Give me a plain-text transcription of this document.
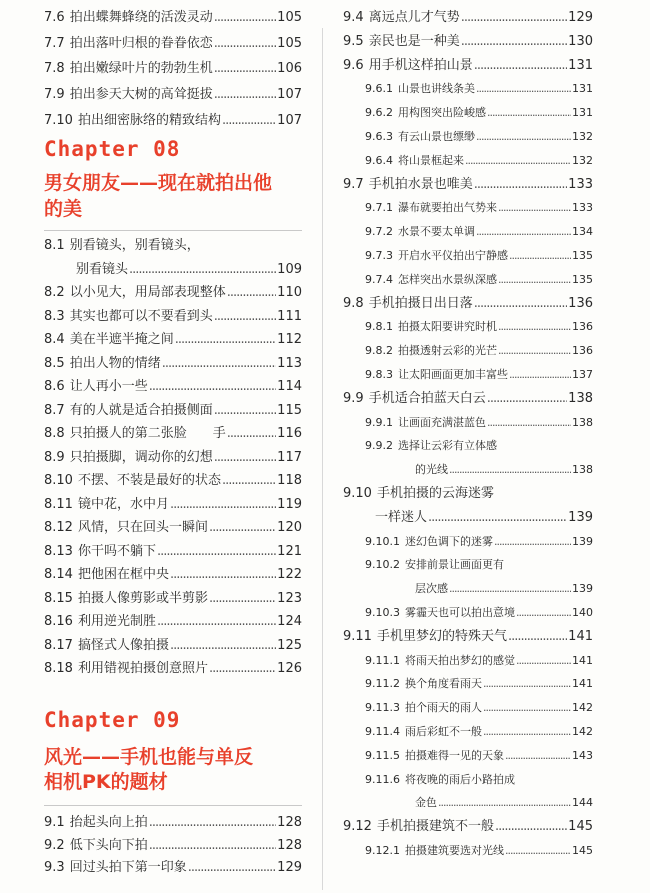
7.6 拍出蝶舞蜂绕的活泼灵动 .....	105
7.7 拍出落叶归根的眷眷依恋 .....	105
7.8 拍出嫩绿叶片的勃勃生机 .....	106
7.9 拍出参天大树的高耸挺拔 .....	107
7.10 拍出细密脉络的精致结构 .....	107
Chapter 08
男女朋友——现在就拍出他
的美
8.1 别看镜头，别看镜头，
别看镜头 .....	109
8.2 以小见大，用局部表现整体 .....	110
8.3 其实也都可以不要看到头 .....	111
8.4 美在半遮半掩之间 .....	112
8.5 拍出人物的情绪 .....	113
8.6 让人再小一些 .....	114
8.7 有的人就是适合拍摄侧面 .....	115
8.8 只拍摄人的第二张脸　　手 .....	116
8.9 只拍摄脚，调动你的幻想 .....	117
8.10 不摆、不装是最好的状态 .....	118
8.11 镜中花，水中月 .....	119
8.12 风情，只在回头一瞬间 .....	120
8.13 你干吗不躺下 .....	121
8.14 把他困在框中央 .....	122
8.15 拍摄人像剪影或半剪影 .....	123
8.16 利用逆光制胜 .....	124
8.17 搞怪式人像拍摄 .....	125
8.18 利用错视拍摄创意照片 .....	126
Chapter 09
风光——手机也能与单反
相机PK的题材
9.1 抬起头向上拍 .....	128
9.2 低下头向下拍 .....	128
9.3 回过头拍下第一印象 .....	129
9.4 离远点儿才气势 .....	129
9.5 亲民也是一种美 .....	130
9.6 用手机这样拍山景 .....	131
9.6.1 山景也讲线条美 .....	131
9.6.2 用构图突出险峻感 .....	131
9.6.3 有云山景也缥缈 .....	132
9.6.4 将山景框起来 .....	132
9.7 手机拍水景也唯美 .....	133
9.7.1 瀑布就要拍出气势来 .....	133
9.7.2 水景不要太单调 .....	134
9.7.3 开启水平仪拍出宁静感 .....	135
9.7.4 怎样突出水景纵深感 .....	135
9.8 手机拍摄日出日落 .....	136
9.8.1 拍摄太阳要讲究时机 .....	136
9.8.2 拍摄透射云彩的光芒 .....	136
9.8.3 让太阳画面更加丰富些 .....	137
9.9 手机适合拍蓝天白云 .....	138
9.9.1 让画面充满湛蓝色 .....	138
9.9.2 选择让云彩有立体感
的光线 .....	138
9.10 手机拍摄的云海迷雾
一样迷人 .....	139
9.10.1 迷幻色调下的迷雾 .....	139
9.10.2 安排前景让画面更有
层次感 .....	139
9.10.3 雾霾天也可以拍出意境 .....	140
9.11 手机里梦幻的特殊天气 .....	141
9.11.1 将雨天拍出梦幻的感觉 .....	141
9.11.2 换个角度看雨天 .....	141
9.11.3 拍个雨天的雨人 .....	142
9.11.4 雨后彩虹不一般 .....	142
9.11.5 拍摄难得一见的天象 .....	143
9.11.6 将夜晚的雨后小路拍成
金色 .....	144
9.12 手机拍摄建筑不一般 .....	145
9.12.1 拍摄建筑要选对光线 .....	145
